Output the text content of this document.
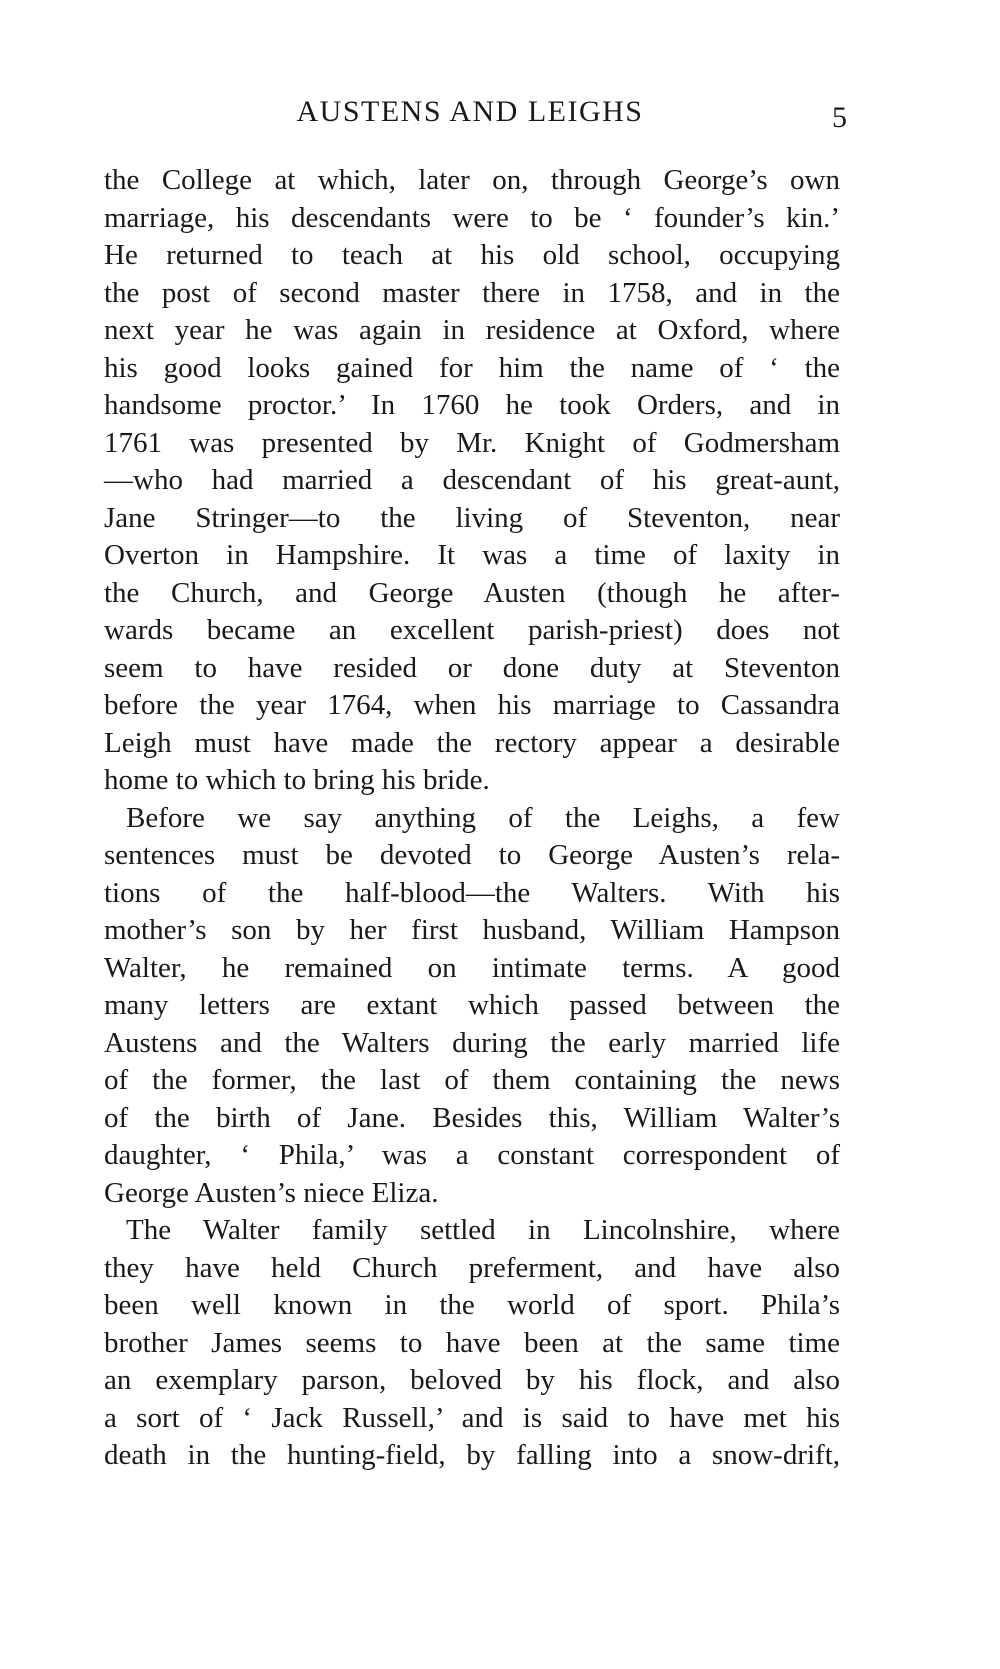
AUSTENS AND LEIGHS	5
the College at which, later on, through George’s own
marriage, his descendants were to be ‘ founder’s kin.’
He returned to teach at his old school, occupying
the post of second master there in 1758, and in the
next year he was again in residence at Oxford, where
his good looks gained for him the name of ‘ the
handsome proctor.’ In 1760 he took Orders, and in
1761 was presented by Mr. Knight of Godmersham
—who had married a descendant of his great-aunt,
Jane Stringer—to the living of Steventon, near
Overton in Hampshire. It was a time of laxity in
the Church, and George Austen (though he after-
wards became an excellent parish-priest) does not
seem to have resided or done duty at Steventon
before the year 1764, when his marriage to Cassandra
Leigh must have made the rectory appear a desirable
home to which to bring his bride.
Before we say anything of the Leighs, a few
sentences must be devoted to George Austen’s rela-
tions of the half-blood—the Walters. With his
mother’s son by her first husband, William Hampson
Walter, he remained on intimate terms. A good
many letters are extant which passed between the
Austens and the Walters during the early married life
of the former, the last of them containing the news
of the birth of Jane. Besides this, William Walter’s
daughter, ‘ Phila,’ was a constant correspondent of
George Austen’s niece Eliza.
The Walter family settled in Lincolnshire, where
they have held Church preferment, and have also
been well known in the world of sport. Phila’s
brother James seems to have been at the same time
an exemplary parson, beloved by his flock, and also
a sort of ‘ Jack Russell,’ and is said to have met his
death in the hunting-field, by falling into a snow-drift,
